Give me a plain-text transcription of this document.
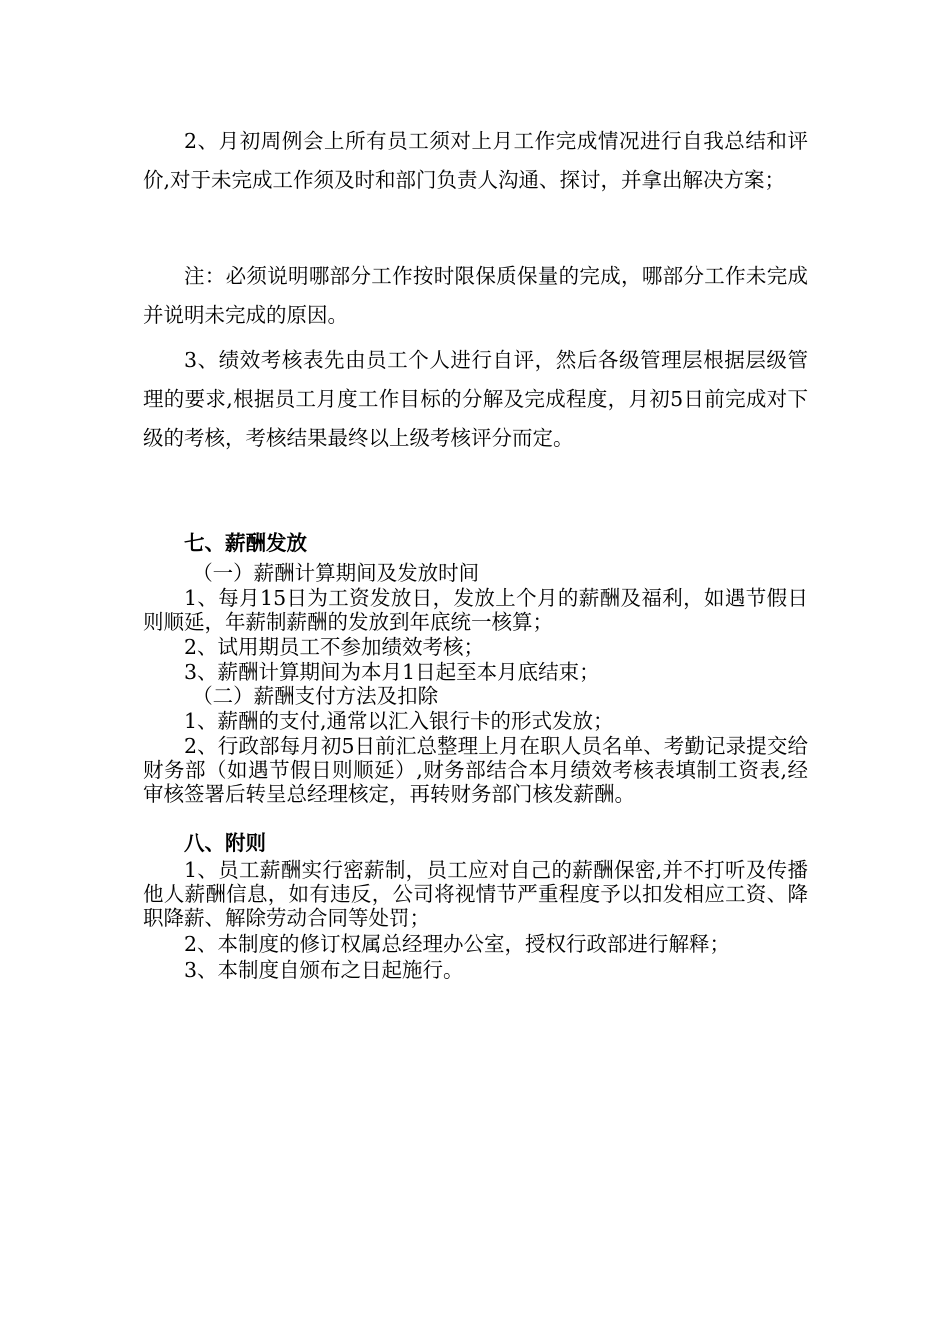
2、月初周例会上所有员工须对上月工作完成情况进行自我总结和评价,对于未完成工作须及时和部门负责人沟通、探讨，并拿出解决方案；

注：必须说明哪部分工作按时限保质保量的完成，哪部分工作未完成并说明未完成的原因。

3、绩效考核表先由员工个人进行自评，然后各级管理层根据层级管理的要求,根据员工月度工作目标的分解及完成程度，月初5日前完成对下级的考核，考核结果最终以上级考核评分而定。

七、薪酬发放

（一）薪酬计算期间及发放时间

1、每月15日为工资发放日，发放上个月的薪酬及福利，如遇节假日则顺延，年薪制薪酬的发放到年底统一核算；

2、试用期员工不参加绩效考核；

3、薪酬计算期间为本月1日起至本月底结束；

（二）薪酬支付方法及扣除

1、薪酬的支付,通常以汇入银行卡的形式发放；

2、行政部每月初5日前汇总整理上月在职人员名单、考勤记录提交给财务部（如遇节假日则顺延）,财务部结合本月绩效考核表填制工资表,经审核签署后转呈总经理核定，再转财务部门核发薪酬。

八、附则

1、员工薪酬实行密薪制，员工应对自己的薪酬保密,并不打听及传播他人薪酬信息，如有违反，公司将视情节严重程度予以扣发相应工资、降职降薪、解除劳动合同等处罚；

2、本制度的修订权属总经理办公室，授权行政部进行解释；

3、本制度自颁布之日起施行。
